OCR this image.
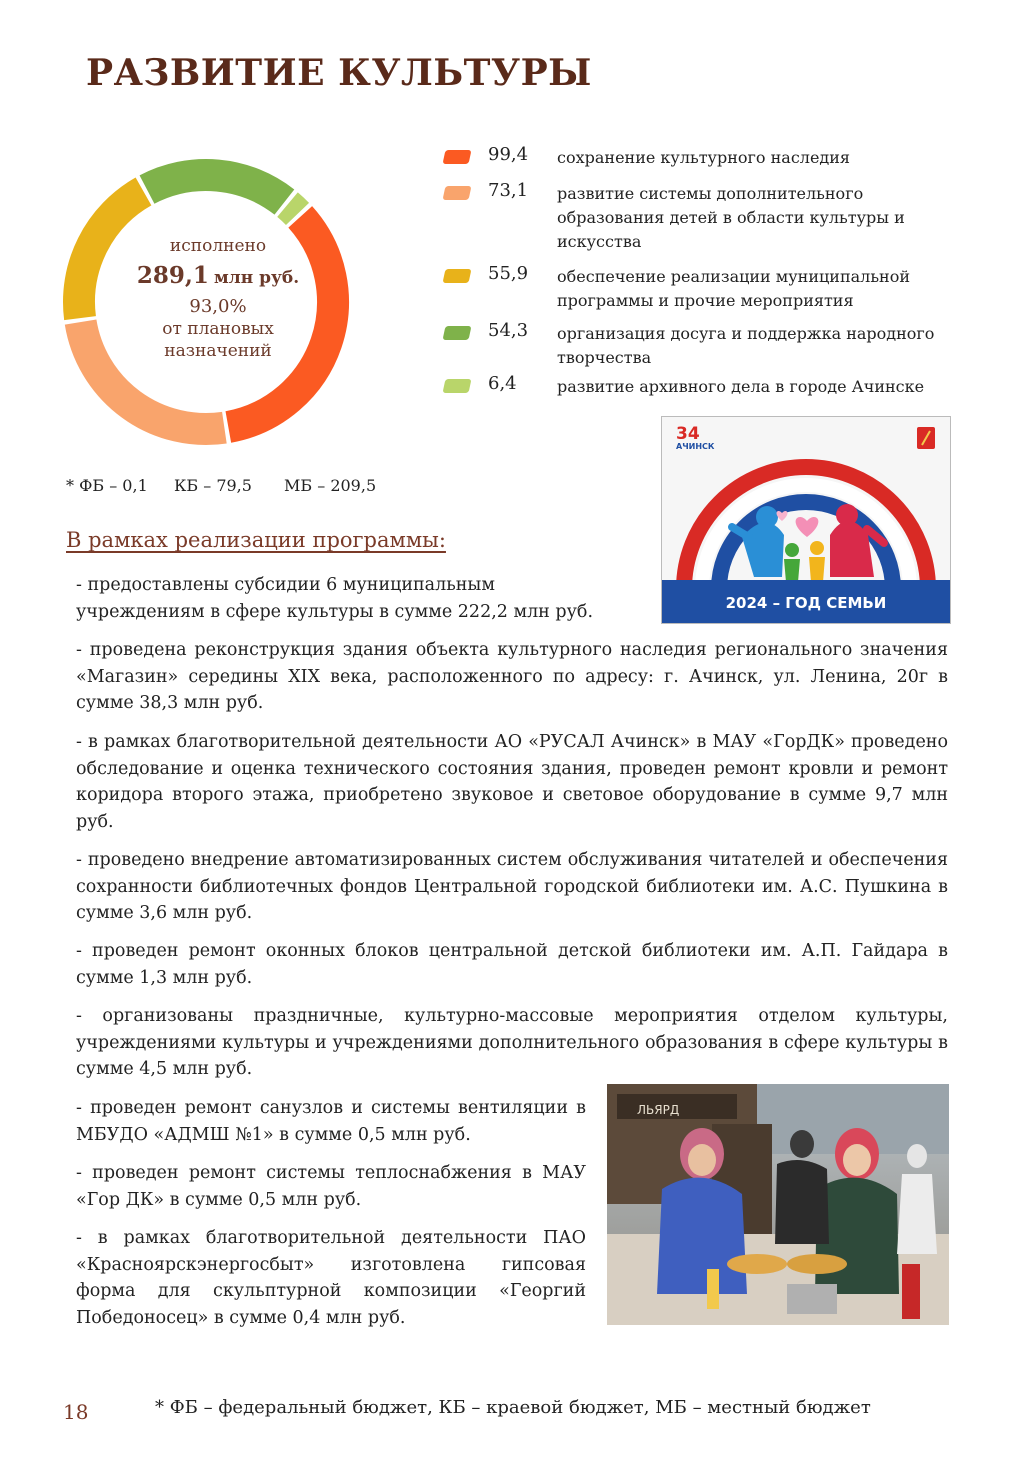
РАЗВИТИЕ КУЛЬТУРЫ
исполнено
289,1 млн руб.
93,0%
от плановых
назначений
99,4 сохранение культурного наследия
73,1 развитие системы дополнительного образования детей в области культуры и искусства
55,9 обеспечение реализации муниципальной программы и прочие мероприятия
54,3 организация досуга и поддержка народного творчества
6,4	развитие архивного дела в городе Ачинске
* ФБ – 0,1 КБ – 79,5 МБ – 209,5
2024 – ГОД СЕМЬИ
34
АЧИНСК
В рамках реализации программы:

- предоставлены субсидии 6 муниципальным учреждениям в сфере культуры в сумме 222,2 млн руб.

- проведена реконструкция здания объекта культурного наследия регионального значения «Магазин» середины XIX века, расположенного по адресу: г. Ачинск, ул. Ленина, 20г в сумме 38,3 млн руб.

- в рамках благотворительной деятельности АО «РУСАЛ Ачинск» в МАУ «ГорДК» проведено обследование и оценка технического состояния здания, проведен ремонт кровли и ремонт коридора второго этажа, приобретено звуковое и световое оборудование в сумме 9,7 млн руб.

- проведено внедрение автоматизированных систем обслуживания читателей и обеспечения сохранности библиотечных фондов Центральной городской библиотеки им. А.С. Пушкина в сумме 3,6 млн руб.

- проведен ремонт оконных блоков центральной детской библиотеки им. А.П. Гайдара в сумме 1,3 млн руб.

- организованы праздничные, культурно-массовые мероприятия отделом культуры, учреждениями культуры и учреждениями дополнительного образования в сфере культуры в сумме 4,5 млн руб.

- проведен ремонт санузлов и системы вентиляции в МБУДО «АДМШ №1» в сумме 0,5 млн руб.

- проведен ремонт системы теплоснабжения в МАУ «Гор ДК» в сумме 0,5 млн руб.

- в рамках благотворительной деятельности ПАО «Красноярскэнергосбыт» изготовлена гипсовая форма для скульптурной композиции «Георгий Победоносец» в сумме 0,4 млн руб.

ЛЬЯРД
18	* ФБ – федеральный бюджет, КБ – краевой бюджет, МБ – местный бюджет
